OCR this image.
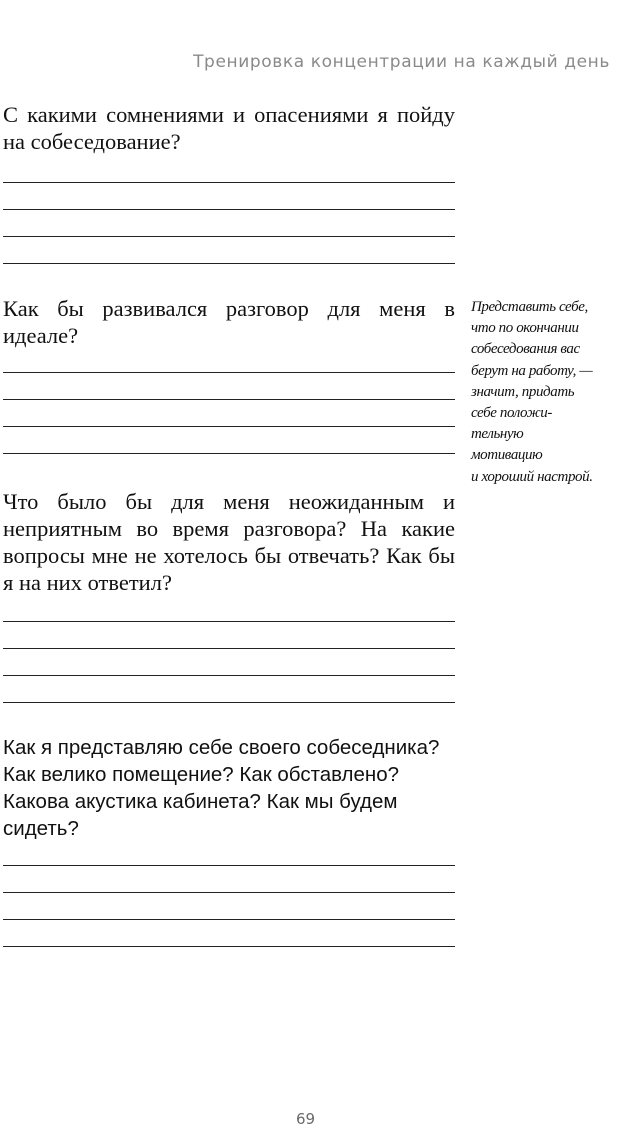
Тренировка концентрации на каждый день

С какими сомнениями и опасениями я пойду на собеседование?

Как бы развивался разговор для меня в идеале?

Что было бы для меня неожиданным и неприятным во время разговора? На какие вопросы мне не хотелось бы отвечать? Как бы я на них ответил?

Как я представляю себе своего собеседника? Как велико помещение? Как обставлено? Какова акустика кабинета? Как мы будем сидеть?

Представить себе,
что по окончании
собеседования вас
берут на работу, —
значит, придать
себе положи-
тельную
мотивацию
и хороший настрой.

69
